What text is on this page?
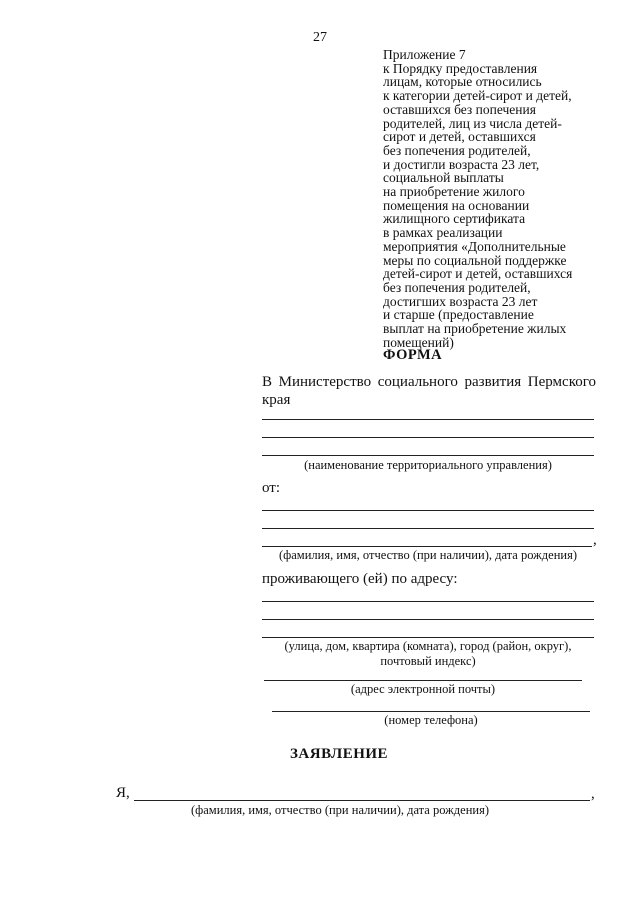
27
Приложение 7
к Порядку предоставления
лицам, которые относились
к категории детей-сирот и детей,
оставшихся без попечения
родителей, лиц из числа детей-
сирот и детей, оставшихся
без попечения родителей,
и достигли возраста 23 лет,
социальной выплаты
на приобретение жилого
помещения на основании
жилищного сертификата
в рамках реализации
мероприятия «Дополнительные
меры по социальной поддержке
детей-сирот и детей, оставшихся
без попечения родителей,
достигших возраста 23 лет
и старше (предоставление
выплат на приобретение жилых
помещений)
ФОРМА
В Министерство социального развития Пермского
края
(наименование территориального управления)
от:
,
(фамилия, имя, отчество (при наличии), дата рождения)
проживающего (ей) по адресу:
(улица, дом, квартира (комната), город (район, округ),
почтовый индекс)
(адрес электронной почты)
(номер телефона)
ЗАЯВЛЕНИЕ
Я,	,
(фамилия, имя, отчество (при наличии), дата рождения)
